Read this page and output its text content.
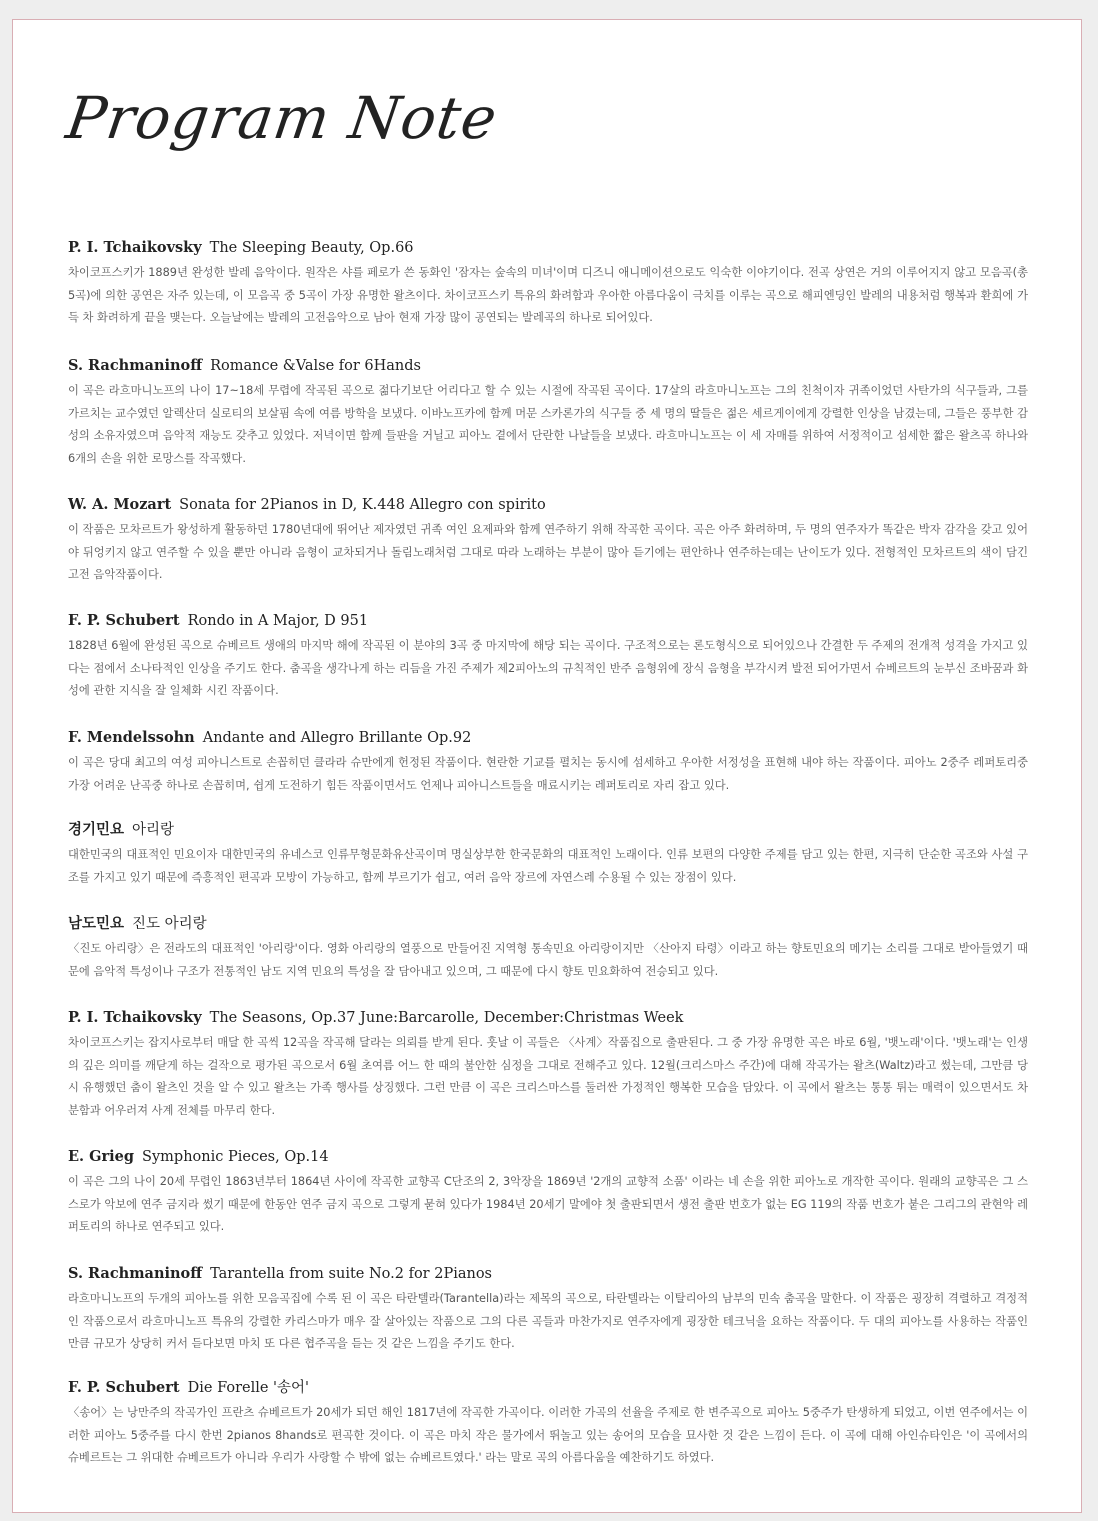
Program Note
P. I. Tchaikovsky The Sleeping Beauty, Op.66
차이코프스키가 1889년 완성한 발레 음악이다. 원작은 샤를 페로가 쓴 동화인 '잠자는 숲속의 미녀'이며 디즈니 애니메이션으로도 익숙한 이야기이다. 전곡 상연은 거의 이루어지지 않고 모음곡(총 5곡)에 의한 공연은 자주 있는데, 이 모음곡 중 5곡이 가장 유명한 왈츠이다. 차이코프스키 특유의 화려함과 우아한 아름다움이 극치를 이루는 곡으로 해피엔딩인 발레의 내용처럼 행복과 환희에 가득 차 화려하게 끝을 맺는다. 오늘날에는 발레의 고전음악으로 남아 현재 가장 많이 공연되는 발레곡의 하나로 되어있다.
S. Rachmaninoff Romance &Valse for 6Hands
이 곡은 라흐마니노프의 나이 17~18세 무렵에 작곡된 곡으로 젊다기보단 어리다고 할 수 있는 시절에 작곡된 곡이다. 17살의 라흐마니노프는 그의 친척이자 귀족이었던 사탄가의 식구들과, 그를 가르치는 교수였던 알렉산더 실로티의 보살핌 속에 여름 방학을 보냈다. 이바노프카에 함께 머문 스카론가의 식구들 중 세 명의 딸들은 젊은 세르게이에게 강렬한 인상을 남겼는데, 그들은 풍부한 감성의 소유자였으며 음악적 재능도 갖추고 있었다. 저녁이면 함께 들판을 거닐고 피아노 곁에서 단란한 나날들을 보냈다. 라흐마니노프는 이 세 자매를 위하여 서정적이고 섬세한 짧은 왈츠곡 하나와 6개의 손을 위한 로망스를 작곡했다.
W. A. Mozart Sonata for 2Pianos in D, K.448 Allegro con spirito
이 작품은 모차르트가 왕성하게 활동하던 1780년대에 뛰어난 제자였던 귀족 여인 요제파와 함께 연주하기 위해 작곡한 곡이다. 곡은 아주 화려하며, 두 명의 연주자가 똑같은 박자 감각을 갖고 있어야 뒤엉키지 않고 연주할 수 있을 뿐만 아니라 음형이 교차되거나 돌림노래처럼 그대로 따라 노래하는 부분이 많아 듣기에는 편안하나 연주하는데는 난이도가 있다. 전형적인 모차르트의 색이 담긴 고전 음악작품이다.
F. P. Schubert Rondo in A Major, D 951
1828년 6월에 완성된 곡으로 슈베르트 생애의 마지막 해에 작곡된 이 분야의 3곡 중 마지막에 해당 되는 곡이다. 구조적으로는 론도형식으로 되어있으나 간결한 두 주제의 전개적 성격을 가지고 있다는 점에서 소나타적인 인상을 주기도 한다. 춤곡을 생각나게 하는 리듬을 가진 주제가 제2피아노의 규칙적인 반주 음형위에 장식 음형을 부각시켜 발전 되어가면서 슈베르트의 눈부신 조바꿈과 화성에 관한 지식을 잘 일체화 시킨 작품이다.
F. Mendelssohn Andante and Allegro Brillante Op.92
이 곡은 당대 최고의 여성 피아니스트로 손꼽히던 클라라 슈만에게 헌정된 작품이다. 현란한 기교를 펼치는 동시에 섬세하고 우아한 서정성을 표현해 내야 하는 작품이다. 피아노 2중주 레퍼토리중 가장 어려운 난곡중 하나로 손꼽히며, 쉽게 도전하기 힘든 작품이면서도 언제나 피아니스트들을 매료시키는 레퍼토리로 자리 잡고 있다.
경기민요 아리랑
대한민국의 대표적인 민요이자 대한민국의 유네스코 인류무형문화유산곡이며 명실상부한 한국문화의 대표적인 노래이다. 인류 보편의 다양한 주제를 담고 있는 한편, 지극히 단순한 곡조와 사설 구조를 가지고 있기 때문에 즉흥적인 편곡과 모방이 가능하고, 함께 부르기가 쉽고, 여러 음악 장르에 자연스레 수용될 수 있는 장점이 있다.
남도민요 진도 아리랑
〈진도 아리랑〉은 전라도의 대표적인 '아리랑'이다. 영화 아리랑의 열풍으로 만들어진 지역형 통속민요 아리랑이지만 〈산아지 타령〉이라고 하는 향토민요의 메기는 소리를 그대로 받아들였기 때문에 음악적 특성이나 구조가 전통적인 남도 지역 민요의 특성을 잘 담아내고 있으며, 그 때문에 다시 향토 민요화하여 전승되고 있다.
P. I. Tchaikovsky The Seasons, Op.37 June:Barcarolle, December:Christmas Week
차이코프스키는 잡지사로부터 매달 한 곡씩 12곡을 작곡해 달라는 의뢰를 받게 된다. 훗날 이 곡들은 〈사계〉작품집으로 출판된다. 그 중 가장 유명한 곡은 바로 6월, '뱃노래'이다. '뱃노래'는 인생의 깊은 의미를 깨닫게 하는 걸작으로 평가된 곡으로서 6월 초여름 어느 한 때의 불안한 심정을 그대로 전해주고 있다. 12월(크리스마스 주간)에 대해 작곡가는 왈츠(Waltz)라고 썼는데, 그만큼 당시 유행했던 춤이 왈츠인 것을 알 수 있고 왈츠는 가족 행사를 상징했다. 그런 만큼 이 곡은 크리스마스를 둘러싼 가정적인 행복한 모습을 담았다. 이 곡에서 왈츠는 통통 튀는 매력이 있으면서도 차분함과 어우러져 사계 전체를 마무리 한다.
E. Grieg Symphonic Pieces, Op.14
이 곡은 그의 나이 20세 무렵인 1863년부터 1864년 사이에 작곡한 교향곡 C단조의 2, 3악장을 1869년 '2개의 교향적 소품' 이라는 네 손을 위한 피아노로 개작한 곡이다. 원래의 교향곡은 그 스스로가 악보에 연주 금지라 썼기 때문에 한동안 연주 금지 곡으로 그렇게 묻혀 있다가 1984년 20세기 말에야 첫 출판되면서 생전 출판 번호가 없는 EG 119의 작품 번호가 붙은 그리그의 관현악 레퍼토리의 하나로 연주되고 있다.
S. Rachmaninoff Tarantella from suite No.2 for 2Pianos
라흐마니노프의 두개의 피아노를 위한 모음곡집에 수록 된 이 곡은 타란텔라(Tarantella)라는 제목의 곡으로, 타란텔라는 이탈리아의 남부의 민속 춤곡을 말한다. 이 작품은 굉장히 격렬하고 격정적인 작품으로서 라흐마니노프 특유의 강렬한 카리스마가 매우 잘 살아있는 작품으로 그의 다른 곡들과 마찬가지로 연주자에게 굉장한 테크닉을 요하는 작품이다. 두 대의 피아노를 사용하는 작품인 만큼 규모가 상당히 커서 듣다보면 마치 또 다른 협주곡을 듣는 것 같은 느낌을 주기도 한다.
F. P. Schubert Die Forelle '송어'
〈송어〉는 낭만주의 작곡가인 프란츠 슈베르트가 20세가 되던 해인 1817년에 작곡한 가곡이다. 이러한 가곡의 선율을 주제로 한 변주곡으로 피아노 5중주가 탄생하게 되었고, 이번 연주에서는 이러한 피아노 5중주를 다시 한번 2pianos 8hands로 편곡한 것이다. 이 곡은 마치 작은 물가에서 뛰놀고 있는 송어의 모습을 묘사한 것 같은 느낌이 든다. 이 곡에 대해 아인슈타인은 '이 곡에서의 슈베르트는 그 위대한 슈베르트가 아니라 우리가 사랑할 수 밖에 없는 슈베르트였다.' 라는 말로 곡의 아름다움을 예찬하기도 하였다.
